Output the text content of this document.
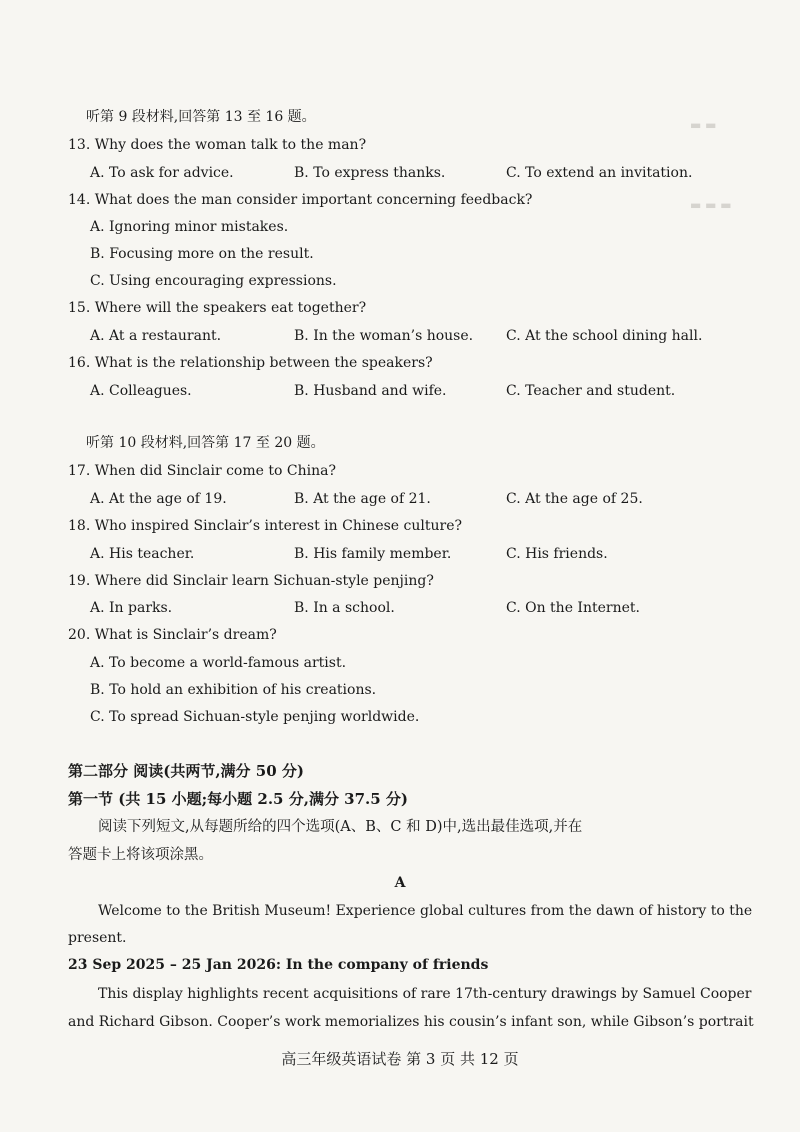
▬ ▬
▬ ▬ ▬
听第 9 段材料,回答第 13 至 16 题。
13. Why does the woman talk to the man?
A. To ask for advice.	B. To express thanks.	C. To extend an invitation.
14. What does the man consider important concerning feedback?
A. Ignoring minor mistakes.
B. Focusing more on the result.
C. Using encouraging expressions.
15. Where will the speakers eat together?
A. At a restaurant.	B. In the woman’s house. C. At the school dining hall.
16. What is the relationship between the speakers?
A. Colleagues.	B. Husband and wife.	C. Teacher and student.
听第 10 段材料,回答第 17 至 20 题。
17. When did Sinclair come to China?
A. At the age of 19.	B. At the age of 21.	C. At the age of 25.
18. Who inspired Sinclair’s interest in Chinese culture?
A. His teacher.	B. His family member.	C. His friends.
19. Where did Sinclair learn Sichuan-style penjing?
A. In parks.	B. In a school.	C. On the Internet.
20. What is Sinclair’s dream?
A. To become a world-famous artist.
B. To hold an exhibition of his creations.
C. To spread Sichuan-style penjing worldwide.
第二部分 阅读(共两节,满分 50 分)
第一节 (共 15 小题;每小题 2.5 分,满分 37.5 分)
阅读下列短文,从每题所给的四个选项(A、B、C 和 D)中,选出最佳选项,并在
答题卡上将该项涂黑。
A
Welcome to the British Museum! Experience global cultures from the dawn of history to the
present.
23 Sep 2025 – 25 Jan 2026: In the company of friends
This display highlights recent acquisitions of rare 17th-century drawings by Samuel Cooper
and Richard Gibson. Cooper’s work memorializes his cousin’s infant son, while Gibson’s portrait
高三年级英语试卷 第 3 页 共 12 页
